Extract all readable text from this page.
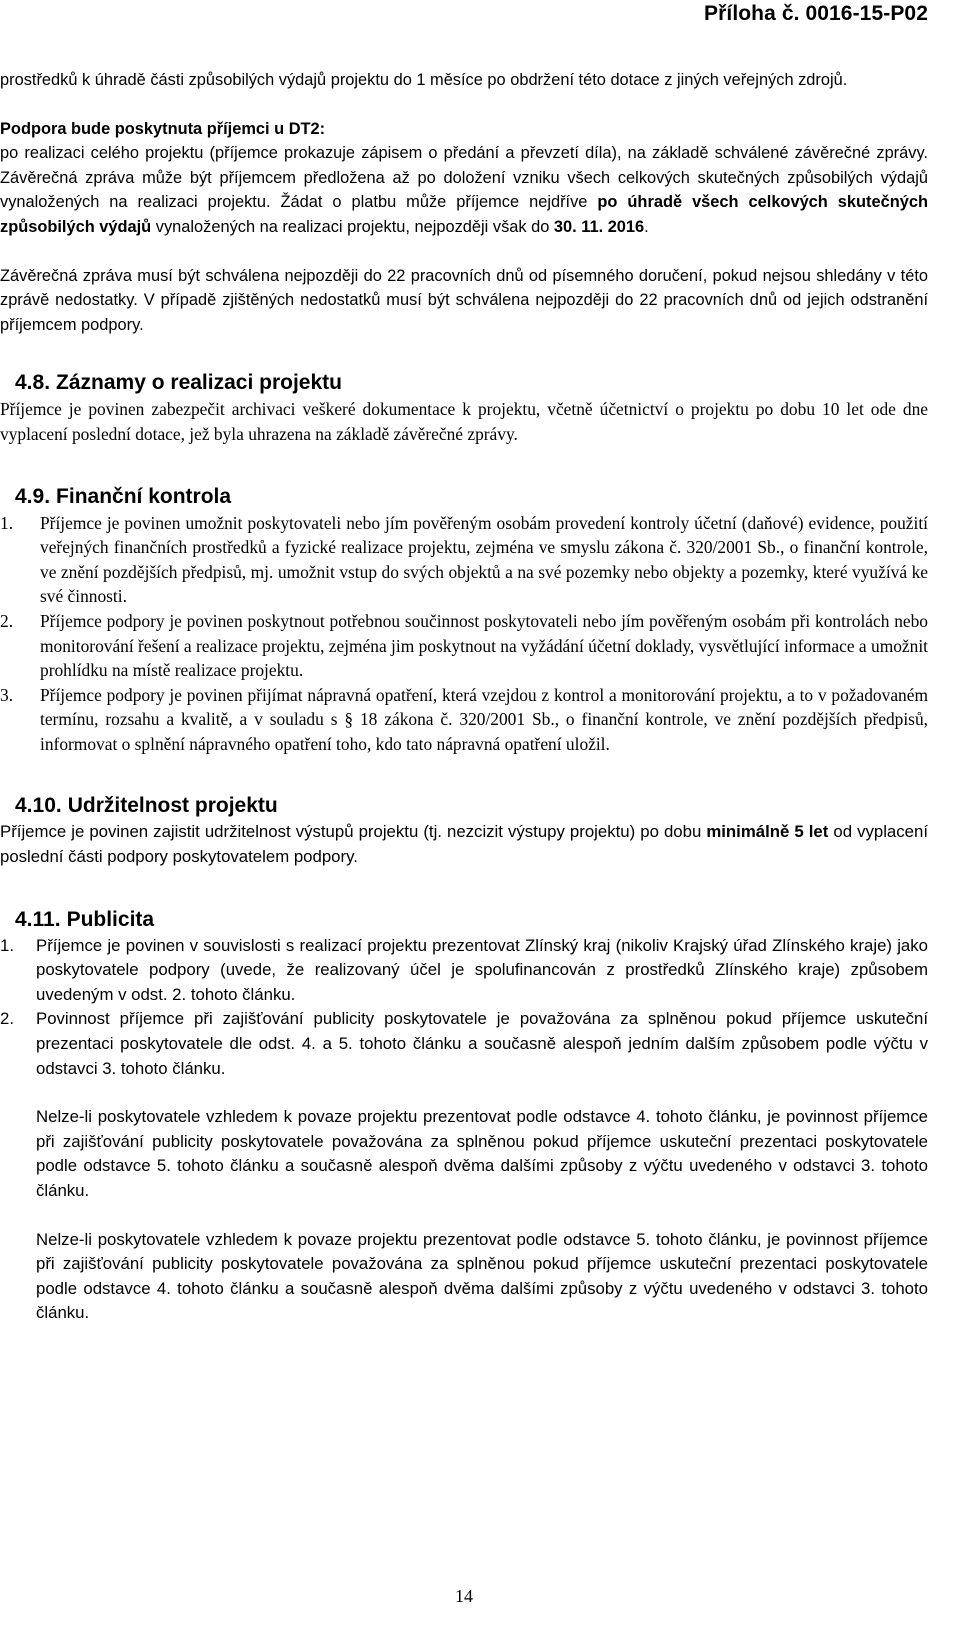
Příloha č. 0016-15-P02

prostředků k úhradě části způsobilých výdajů projektu do 1 měsíce po obdržení této dotace z jiných veřejných zdrojů.

Podpora bude poskytnuta příjemci u DT2:

po realizaci celého projektu (příjemce prokazuje zápisem o předání a převzetí díla), na základě schválené závěrečné zprávy. Závěrečná zpráva může být příjemcem předložena až po doložení vzniku všech celkových skutečných způsobilých výdajů vynaložených na realizaci projektu. Žádat o platbu může příjemce nejdříve po úhradě všech celkových skutečných způsobilých výdajů vynaložených na realizaci projektu, nejpozději však do 30. 11. 2016.

Závěrečná zpráva musí být schválena nejpozději do 22 pracovních dnů od písemného doručení, pokud nejsou shledány v této zprávě nedostatky. V případě zjištěných nedostatků musí být schválena nejpozději do 22 pracovních dnů od jejich odstranění příjemcem podpory.

4.8. Záznamy o realizaci projektu

Příjemce je povinen zabezpečit archivaci veškeré dokumentace k projektu, včetně účetnictví o projektu po dobu 10 let ode dne vyplacení poslední dotace, jež byla uhrazena na základě závěrečné zprávy.

4.9. Finanční kontrola
1. Příjemce je povinen umožnit poskytovateli nebo jím pověřeným osobám provedení kontroly účetní (daňové) evidence, použití veřejných finančních prostředků a fyzické realizace projektu, zejména ve smyslu zákona č. 320/2001 Sb., o finanční kontrole, ve znění pozdějších předpisů, mj. umožnit vstup do svých objektů a na své pozemky nebo objekty a pozemky, které využívá ke své činnosti.
2. Příjemce podpory je povinen poskytnout potřebnou součinnost poskytovateli nebo jím pověřeným osobám při kontrolách nebo monitorování řešení a realizace projektu, zejména jim poskytnout na vyžádání účetní doklady, vysvětlující informace a umožnit prohlídku na místě realizace projektu.
3. Příjemce podpory je povinen přijímat nápravná opatření, která vzejdou z kontrol a monitorování projektu, a to v požadovaném termínu, rozsahu a kvalitě, a v souladu s § 18 zákona č. 320/2001 Sb., o finanční kontrole, ve znění pozdějších předpisů, informovat o splnění nápravného opatření toho, kdo tato nápravná opatření uložil.
4.10. Udržitelnost projektu

Příjemce je povinen zajistit udržitelnost výstupů projektu (tj. nezcizit výstupy projektu) po dobu minimálně 5 let od vyplacení poslední části podpory poskytovatelem podpory.

4.11. Publicita
1. Příjemce je povinen v souvislosti s realizací projektu prezentovat Zlínský kraj (nikoliv Krajský úřad Zlínského kraje) jako poskytovatele podpory (uvede, že realizovaný účel je spolufinancován z prostředků Zlínského kraje) způsobem uvedeným v odst. 2. tohoto článku.
2. Povinnost příjemce při zajišťování publicity poskytovatele je považována za splněnou pokud příjemce uskuteční prezentaci poskytovatele dle odst. 4. a 5. tohoto článku a současně alespoň jedním dalším způsobem podle výčtu v odstavci 3. tohoto článku.

Nelze-li poskytovatele vzhledem k povaze projektu prezentovat podle odstavce 4. tohoto článku, je povinnost příjemce při zajišťování publicity poskytovatele považována za splněnou pokud příjemce uskuteční prezentaci poskytovatele podle odstavce 5. tohoto článku a současně alespoň dvěma dalšími způsoby z výčtu uvedeného v odstavci 3. tohoto článku.

Nelze-li poskytovatele vzhledem k povaze projektu prezentovat podle odstavce 5. tohoto článku, je povinnost příjemce při zajišťování publicity poskytovatele považována za splněnou pokud příjemce uskuteční prezentaci poskytovatele podle odstavce 4. tohoto článku a současně alespoň dvěma dalšími způsoby z výčtu uvedeného v odstavci 3. tohoto článku.

14
